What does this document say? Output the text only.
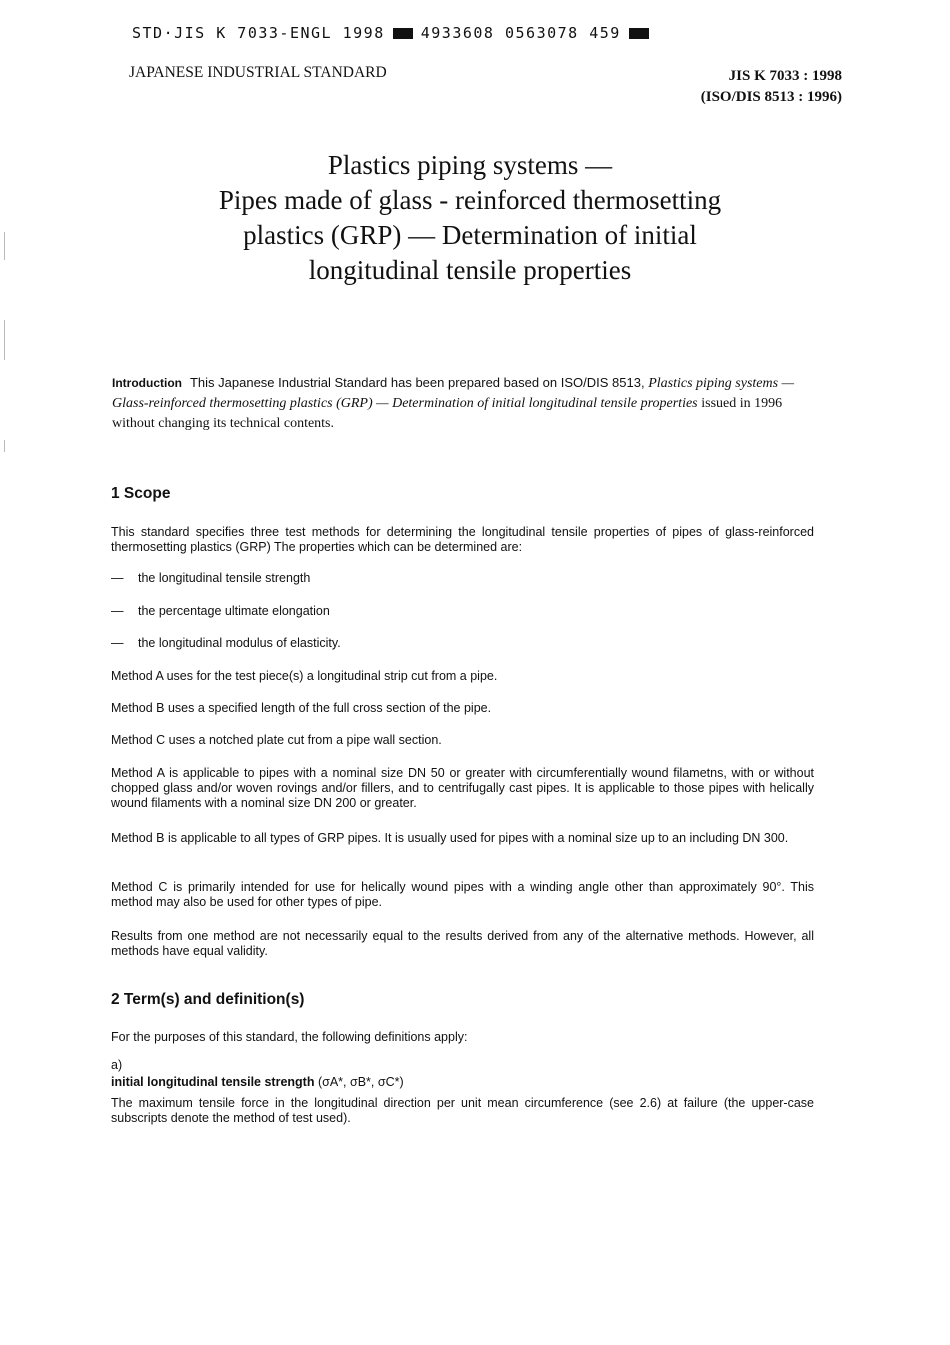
STD·JIS K 7033-ENGL 1998 4933608 0563078 459
JAPANESE INDUSTRIAL STANDARD	JIS K 7033 : 1998
(ISO/DIS 8513 : 1996)
Plastics piping systems —
Pipes made of glass - reinforced thermosetting
plastics (GRP) — Determination of initial
longitudinal tensile properties
Introduction This Japanese Industrial Standard has been prepared based on ISO/DIS 8513, Plastics piping systems — Glass-reinforced thermosetting plastics (GRP) — Determination of initial longitudinal tensile properties issued in 1996 without changing its technical contents.
1 Scope
This standard specifies three test methods for determining the longitudinal tensile properties of pipes of glass-reinforced thermosetting plastics (GRP) The properties which can be determined are:
— the longitudinal tensile strength
— the percentage ultimate elongation
— the longitudinal modulus of elasticity.
Method A uses for the test piece(s) a longitudinal strip cut from a pipe.
Method B uses a specified length of the full cross section of the pipe.
Method C uses a notched plate cut from a pipe wall section.
Method A is applicable to pipes with a nominal size DN 50 or greater with circumferentially wound filametns, with or without chopped glass and/or woven rovings and/or fillers, and to centrifugally cast pipes. It is applicable to those pipes with helically wound filaments with a nominal size DN 200 or greater.
Method B is applicable to all types of GRP pipes. It is usually used for pipes with a nominal size up to an including DN 300.
Method C is primarily intended for use for helically wound pipes with a winding angle other than approximately 90°. This method may also be used for other types of pipe.
Results from one method are not necessarily equal to the results derived from any of the alternative methods. However, all methods have equal validity.
2 Term(s) and definition(s)
For the purposes of this standard, the following definitions apply:
a)
initial longitudinal tensile strength (σA*, σB*, σC*)
The maximum tensile force in the longitudinal direction per unit mean circumference (see 2.6) at failure (the upper-case subscripts denote the method of test used).
